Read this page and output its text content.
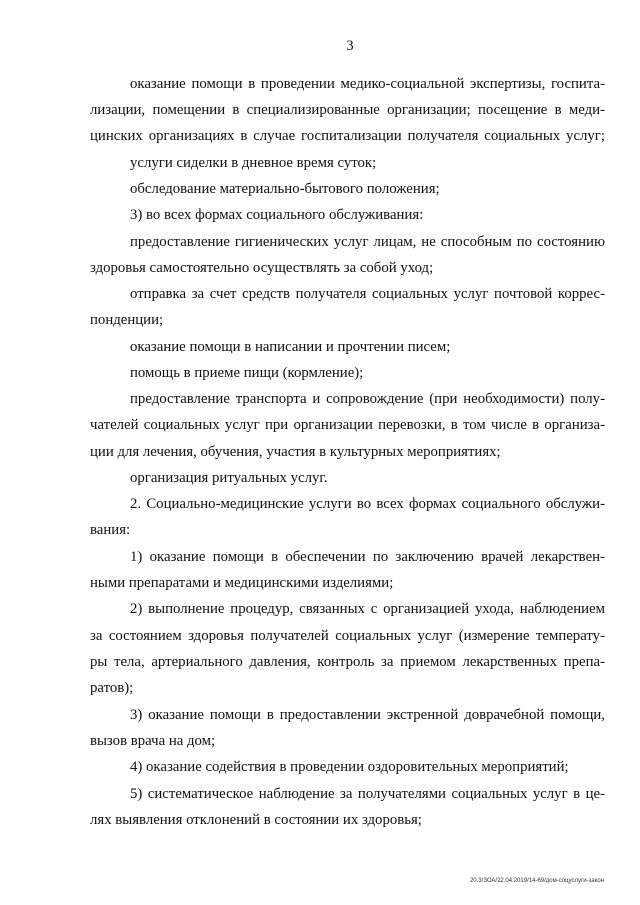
3
оказание помощи в проведении медико-социальной экспертизы, госпита-
лизации, помещении в специализированные организации; посещение в меди-
цинских организациях в случае госпитализации получателя социальных услуг;
услуги сиделки в дневное время суток;
обследование материально-бытового положения;
3) во всех формах социального обслуживания:
предоставление гигиенических услуг лицам, не способным по состоянию
здоровья самостоятельно осуществлять за собой уход;
отправка за счет средств получателя социальных услуг почтовой коррес-
понденции;
оказание помощи в написании и прочтении писем;
помощь в приеме пищи (кормление);
предоставление транспорта и сопровождение (при необходимости) полу-
чателей социальных услуг при организации перевозки, в том числе в организа-
ции для лечения, обучения, участия в культурных мероприятиях;
организация ритуальных услуг.
2. Социально-медицинские услуги во всех формах социального обслужи-
вания:
1) оказание помощи в обеспечении по заключению врачей лекарствен-
ными препаратами и медицинскими изделиями;
2) выполнение процедур, связанных с организацией ухода, наблюдением
за состоянием здоровья получателей социальных услуг (измерение температу-
ры тела, артериального давления, контроль за приемом лекарственных препа-
ратов);
3) оказание помощи в предоставлении экстренной доврачебной помощи,
вызов врача на дом;
4) оказание содействия в проведении оздоровительных мероприятий;
5) систематическое наблюдение за получателями социальных услуг в це-
лях выявления отклонений в состоянии их здоровья;
20.3/ЗОА/22.04.2019/14-69/дом-соцуслуги-закон
